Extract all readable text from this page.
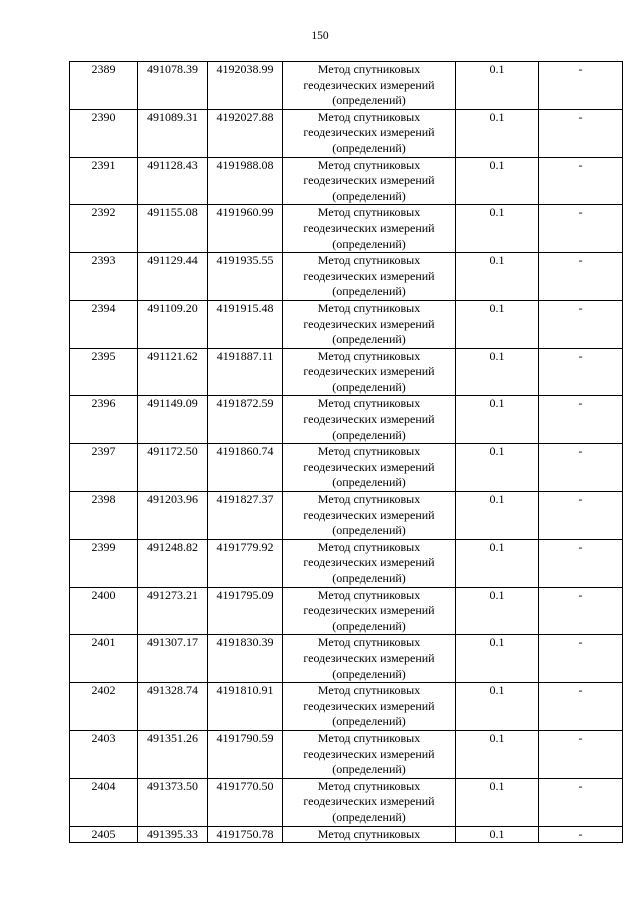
150
2389	491078.39	4192038.99	Метод спутниковых
геодезических измерений
(определений)	0.1	-
2390	491089.31	4192027.88	Метод спутниковых
геодезических измерений
(определений)	0.1	-
2391	491128.43	4191988.08	Метод спутниковых
геодезических измерений
(определений)	0.1	-
2392	491155.08	4191960.99	Метод спутниковых
геодезических измерений
(определений)	0.1	-
2393	491129.44	4191935.55	Метод спутниковых
геодезических измерений
(определений)	0.1	-
2394	491109.20	4191915.48	Метод спутниковых
геодезических измерений
(определений)	0.1	-
2395	491121.62	4191887.11	Метод спутниковых
геодезических измерений
(определений)	0.1	-
2396	491149.09	4191872.59	Метод спутниковых
геодезических измерений
(определений)	0.1	-
2397	491172.50	4191860.74	Метод спутниковых
геодезических измерений
(определений)	0.1	-
2398	491203.96	4191827.37	Метод спутниковых
геодезических измерений
(определений)	0.1	-
2399	491248.82	4191779.92	Метод спутниковых
геодезических измерений
(определений)	0.1	-
2400	491273.21	4191795.09	Метод спутниковых
геодезических измерений
(определений)	0.1	-
2401	491307.17	4191830.39	Метод спутниковых
геодезических измерений
(определений)	0.1	-
2402	491328.74	4191810.91	Метод спутниковых
геодезических измерений
(определений)	0.1	-
2403	491351.26	4191790.59	Метод спутниковых
геодезических измерений
(определений)	0.1	-
2404	491373.50	4191770.50	Метод спутниковых
геодезических измерений
(определений)	0.1	-
2405	491395.33	4191750.78	Метод спутниковых	0.1	-
